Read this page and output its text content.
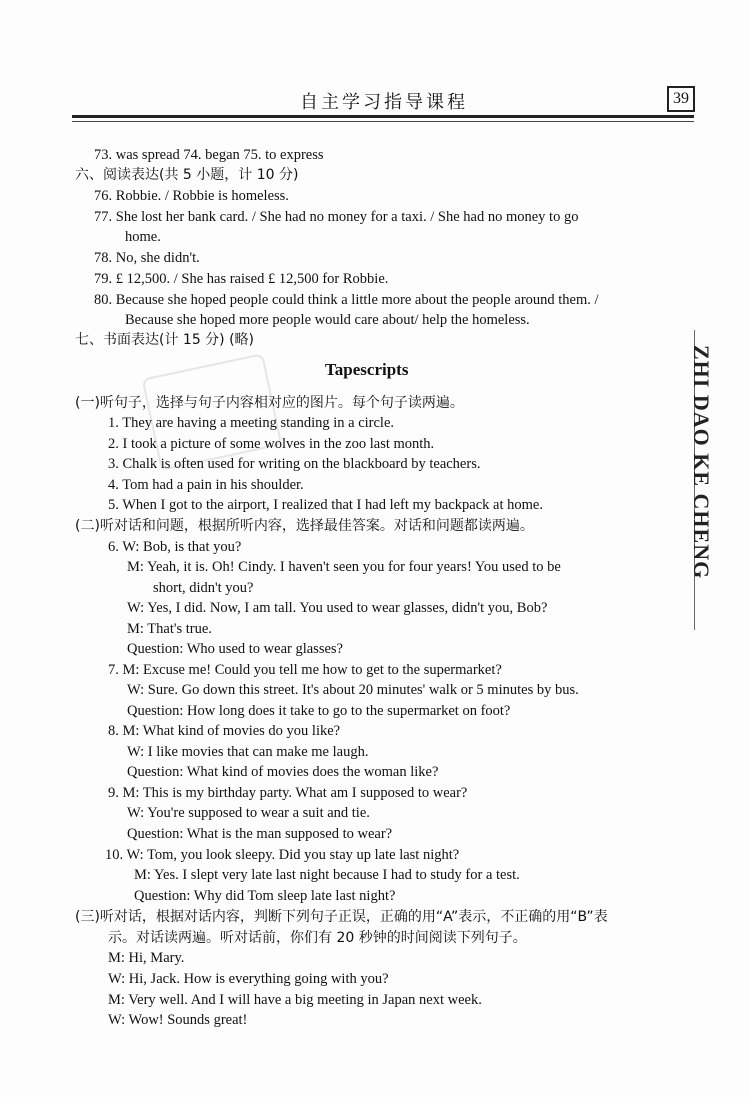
自主学习指导课程	39
ZHI DAO KE CHENG
73. was spread 74. began 75. to express
六、阅读表达(共 5 小题，计 10 分)
76. Robbie. / Robbie is homeless.
77. She lost her bank card. / She had no money for a taxi. / She had no money to go
home.
78. No, she didn't.
79. £ 12,500. / She has raised £ 12,500 for Robbie.
80. Because she hoped people could think a little more about the people around them. /
Because she hoped more people would care about/ help the homeless.
七、书面表达(计 15 分) (略)
Tapescripts
(一)听句子，选择与句子内容相对应的图片。每个句子读两遍。
1. They are having a meeting standing in a circle.
2. I took a picture of some wolves in the zoo last month.
3. Chalk is often used for writing on the blackboard by teachers.
4. Tom had a pain in his shoulder.
5. When I got to the airport, I realized that I had left my backpack at home.
(二)听对话和问题，根据所听内容，选择最佳答案。对话和问题都读两遍。
6. W: Bob, is that you?
M: Yeah, it is. Oh! Cindy. I haven't seen you for four years! You used to be
short, didn't you?
W: Yes, I did. Now, I am tall. You used to wear glasses, didn't you, Bob?
M: That's true.
Question: Who used to wear glasses?
7. M: Excuse me! Could you tell me how to get to the supermarket?
W: Sure. Go down this street. It's about 20 minutes' walk or 5 minutes by bus.
Question: How long does it take to go to the supermarket on foot?
8. M: What kind of movies do you like?
W: I like movies that can make me laugh.
Question: What kind of movies does the woman like?
9. M: This is my birthday party. What am I supposed to wear?
W: You're supposed to wear a suit and tie.
Question: What is the man supposed to wear?
10. W: Tom, you look sleepy. Did you stay up late last night?
M: Yes. I slept very late last night because I had to study for a test.
Question: Why did Tom sleep late last night?
(三)听对话，根据对话内容，判断下列句子正误，正确的用“A”表示，不正确的用“B”表
示。对话读两遍。听对话前，你们有 20 秒钟的时间阅读下列句子。
M: Hi, Mary.
W: Hi, Jack. How is everything going with you?
M: Very well. And I will have a big meeting in Japan next week.
W: Wow! Sounds great!
